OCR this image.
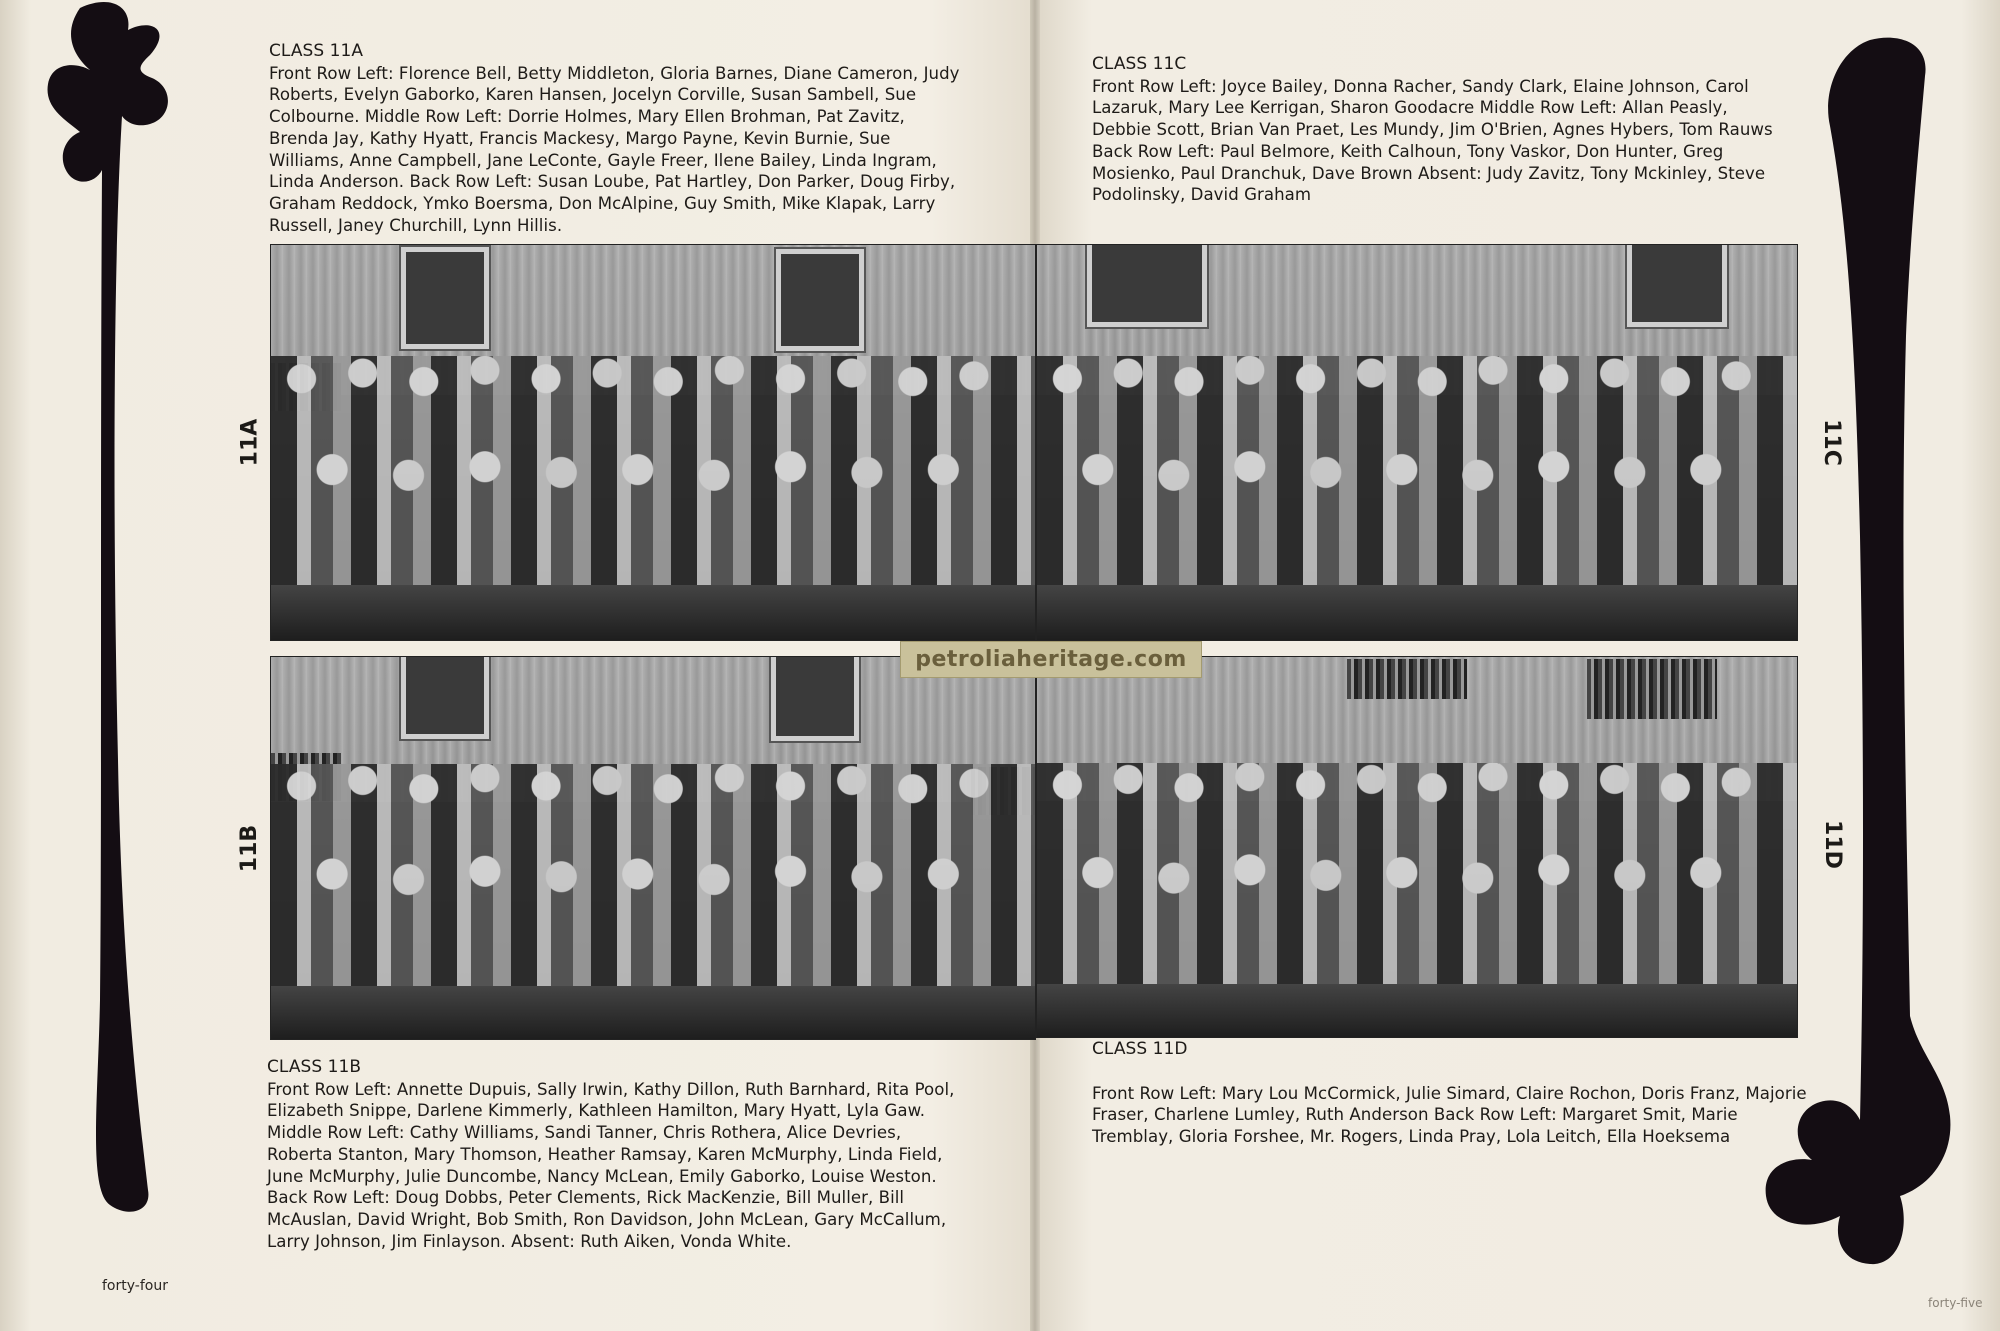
CLASS 11A

Front Row Left: Florence Bell, Betty Middleton, Gloria Barnes, Diane Cameron, Judy Roberts, Evelyn Gaborko, Karen Hansen, Jocelyn Corville, Susan Sambell, Sue Colbourne. Middle Row Left: Dorrie Holmes, Mary Ellen Brohman, Pat Zavitz, Brenda Jay, Kathy Hyatt, Francis Mackesy, Margo Payne, Kevin Burnie, Sue Williams, Anne Campbell, Jane LeConte, Gayle Freer, Ilene Bailey, Linda Ingram, Linda Anderson. Back Row Left: Susan Loube, Pat Hartley, Don Parker, Doug Firby, Graham Reddock, Ymko Boersma, Don McAlpine, Guy Smith, Mike Klapak, Larry Russell, Janey Churchill, Lynn Hillis.

11A
11B
CLASS 11B

Front Row Left: Annette Dupuis, Sally Irwin, Kathy Dillon, Ruth Barnhard, Rita Pool, Elizabeth Snippe, Darlene Kimmerly, Kathleen Hamilton, Mary Hyatt, Lyla Gaw. Middle Row Left: Cathy Williams, Sandi Tanner, Chris Rothera, Alice Devries, Roberta Stanton, Mary Thomson, Heather Ramsay, Karen McMurphy, Linda Field, June McMurphy, Julie Duncombe, Nancy McLean, Emily Gaborko, Louise Weston. Back Row Left: Doug Dobbs, Peter Clements, Rick MacKenzie, Bill Muller, Bill McAuslan, David Wright, Bob Smith, Ron Davidson, John McLean, Gary McCallum, Larry Johnson, Jim Finlayson. Absent: Ruth Aiken, Vonda White.

forty-four
CLASS 11C

Front Row Left: Joyce Bailey, Donna Racher, Sandy Clark, Elaine Johnson, Carol Lazaruk, Mary Lee Kerrigan, Sharon Goodacre Middle Row Left: Allan Peasly, Debbie Scott, Brian Van Praet, Les Mundy, Jim O'Brien, Agnes Hybers, Tom Rauws Back Row Left: Paul Belmore, Keith Calhoun, Tony Vaskor, Don Hunter, Greg Mosienko, Paul Dranchuk, Dave Brown Absent: Judy Zavitz, Tony Mckinley, Steve Podolinsky, David Graham

11C
11D
CLASS 11D

Front Row Left: Mary Lou McCormick, Julie Simard, Claire Rochon, Doris Franz, Majorie Fraser, Charlene Lumley, Ruth Anderson Back Row Left: Margaret Smit, Marie Tremblay, Gloria Forshee, Mr. Rogers, Linda Pray, Lola Leitch, Ella Hoeksema

forty-five
petroliaheritage.com
